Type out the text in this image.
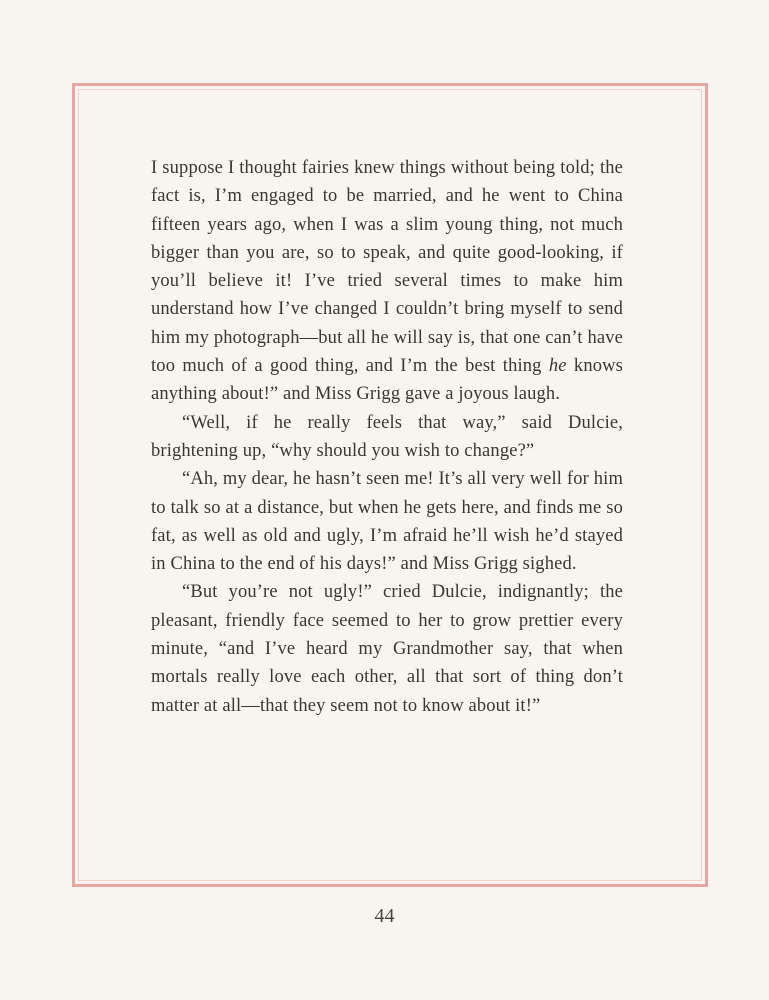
I suppose I thought fairies knew things without being told; the fact is, I’m engaged to be married, and he went to China fifteen years ago, when I was a slim young thing, not much bigger than you are, so to speak, and quite good-looking, if you’ll believe it! I’ve tried several times to make him understand how I’ve changed I couldn’t bring myself to send him my photograph—but all he will say is, that one can’t have too much of a good thing, and I’m the best thing he knows anything about!” and Miss Grigg gave a joyous laugh.

“Well, if he really feels that way,” said Dulcie, brightening up, “why should you wish to change?”

“Ah, my dear, he hasn’t seen me! It’s all very well for him to talk so at a distance, but when he gets here, and finds me so fat, as well as old and ugly, I’m afraid he’ll wish he’d stayed in China to the end of his days!” and Miss Grigg sighed.

“But you’re not ugly!” cried Dulcie, indignantly; the pleasant, friendly face seemed to her to grow prettier every minute, “and I’ve heard my Grandmother say, that when mortals really love each other, all that sort of thing don’t matter at all—that they seem not to know about it!”

44
